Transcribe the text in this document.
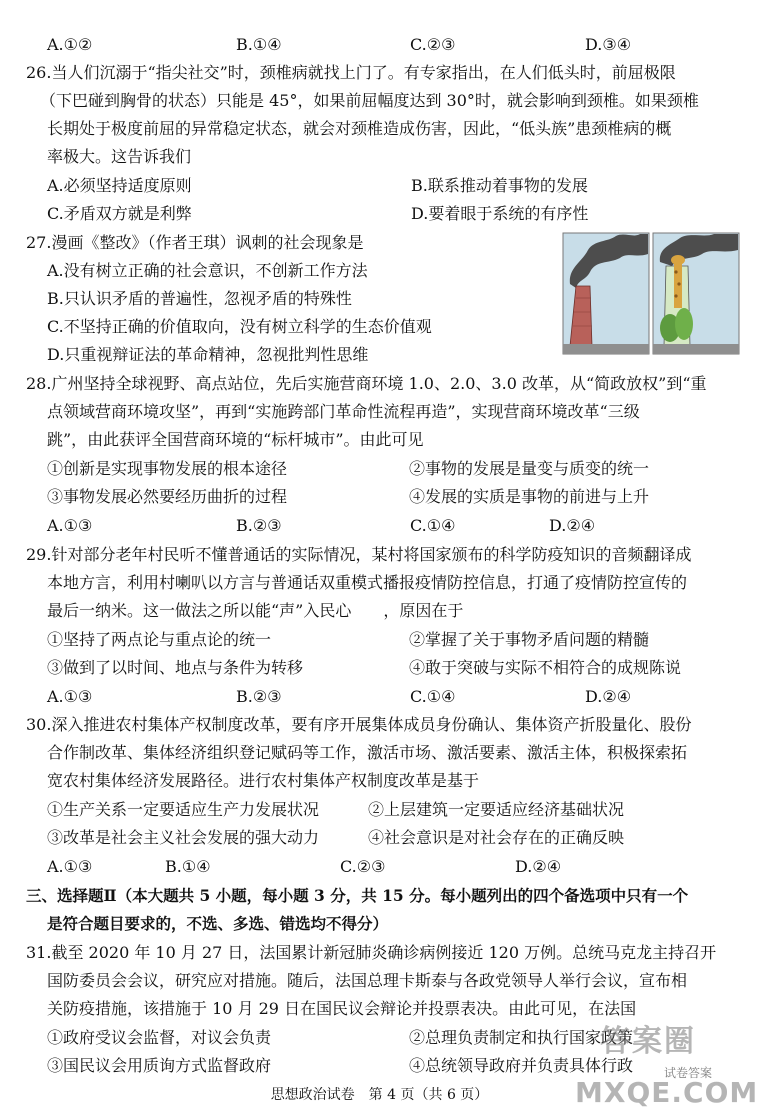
A.①②	B.①④	C.②③	D.③④
26.当人们沉溺于“指尖社交”时，颈椎病就找上门了。有专家指出，在人们低头时，前屈极限
（下巴碰到胸骨的状态）只能是 45°，如果前屈幅度达到 30°时，就会影响到颈椎。如果颈椎
长期处于极度前屈的异常稳定状态，就会对颈椎造成伤害，因此，“低头族”患颈椎病的概
率极大。这告诉我们
A.必须坚持适度原则	B.联系推动着事物的发展
C.矛盾双方就是利弊	D.要着眼于系统的有序性
27.漫画《整改》（作者王琪）讽刺的社会现象是
A.没有树立正确的社会意识，不创新工作方法
B.只认识矛盾的普遍性，忽视矛盾的特殊性
C.不坚持正确的价值取向，没有树立科学的生态价值观
D.只重视辩证法的革命精神，忽视批判性思维
28.广州坚持全球视野、高点站位，先后实施营商环境 1.0、2.0、3.0 改革，从“简政放权”到“重
点领域营商环境攻坚”，再到“实施跨部门革命性流程再造”，实现营商环境改革“三级
跳”，由此获评全国营商环境的“标杆城市”。由此可见
①创新是实现事物发展的根本途径	②事物的发展是量变与质变的统一
③事物发展必然要经历曲折的过程	④发展的实质是事物的前进与上升
A.①③	B.②③	C.①④	D.②④
29.针对部分老年村民听不懂普通话的实际情况，某村将国家颁布的科学防疫知识的音频翻译成
本地方言，利用村喇叭以方言与普通话双重模式播报疫情防控信息，打通了疫情防控宣传的
最后一纳米。这一做法之所以能“声”入民心　　，原因在于
①坚持了两点论与重点论的统一	②掌握了关于事物矛盾问题的精髓
③做到了以时间、地点与条件为转移	④敢于突破与实际不相符合的成规陈说
A.①③	B.②③	C.①④	D.②④
30.深入推进农村集体产权制度改革，要有序开展集体成员身份确认、集体资产折股量化、股份
合作制改革、集体经济组织登记赋码等工作，激活市场、激活要素、激活主体，积极探索拓
宽农村集体经济发展路径。进行农村集体产权制度改革是基于
①生产关系一定要适应生产力发展状况	②上层建筑一定要适应经济基础状况
③改革是社会主义社会发展的强大动力	④社会意识是对社会存在的正确反映
A.①③	B.①④	C.②③	D.②④
三、选择题Ⅱ（本大题共 5 小题，每小题 3 分，共 15 分。每小题列出的四个备选项中只有一个
是符合题目要求的，不选、多选、错选均不得分）
31.截至 2020 年 10 月 27 日，法国累计新冠肺炎确诊病例接近 120 万例。总统马克龙主持召开
国防委员会会议，研究应对措施。随后，法国总理卡斯泰与各政党领导人举行会议，宣布相
关防疫措施，该措施于 10 月 29 日在国民议会辩论并投票表决。由此可见，在法国
①政府受议会监督，对议会负责	②总理负责制定和执行国家政策
③国民议会用质询方式监督政府	④总统领导政府并负责具体行政
思想政治试卷　第 4 页（共 6 页）
答案圈
MXQE.COM
试卷答案
